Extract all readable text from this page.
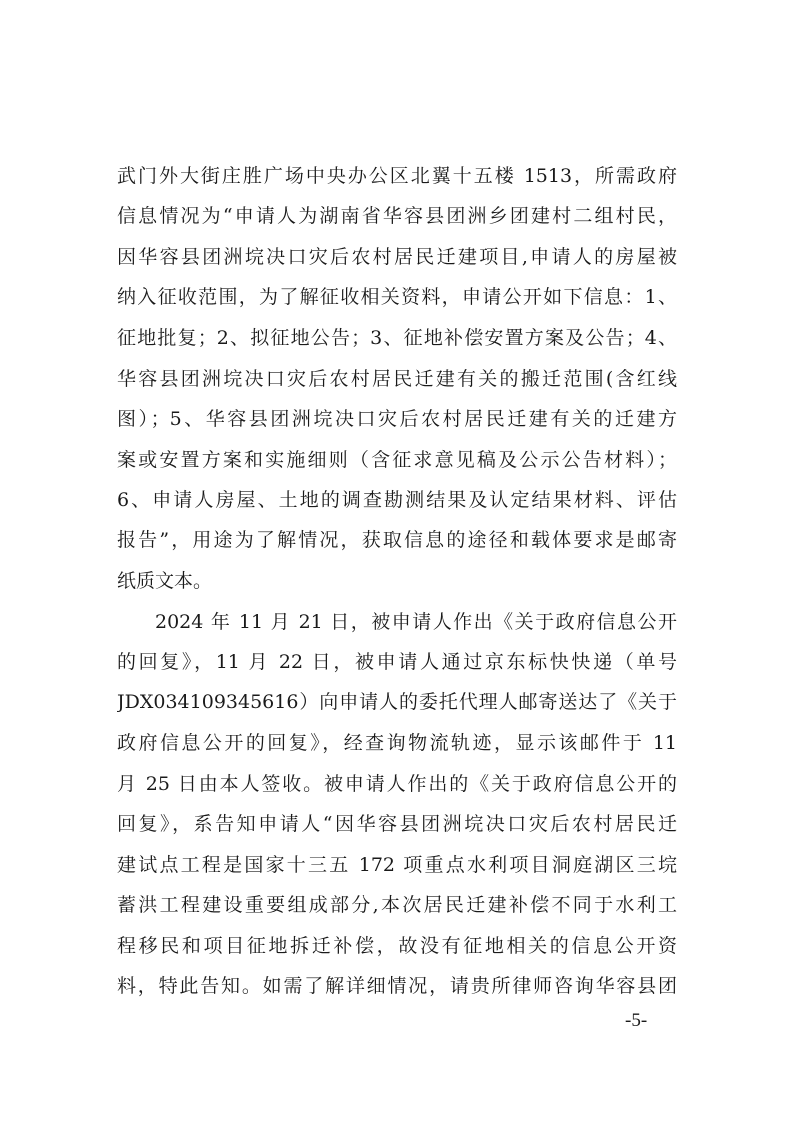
武门外大街庄胜广场中央办公区北翼十五楼 1513，所需政府
信息情况为“申请人为湖南省华容县团洲乡团建村二组村民，
因华容县团洲垸决口灾后农村居民迁建项目,申请人的房屋被
纳入征收范围，为了解征收相关资料，申请公开如下信息：1、
征地批复；2、拟征地公告；3、征地补偿安置方案及公告；4、
华容县团洲垸决口灾后农村居民迁建有关的搬迁范围(含红线
图）；5、华容县团洲垸决口灾后农村居民迁建有关的迁建方
案或安置方案和实施细则（含征求意见稿及公示公告材料）；
6、申请人房屋、土地的调查勘测结果及认定结果材料、评估
报告”，用途为了解情况，获取信息的途径和载体要求是邮寄
纸质文本。
2024 年 11 月 21 日，被申请人作出《关于政府信息公开
的回复》，11 月 22 日，被申请人通过京东标快快递（单号
JDX034109345616）向申请人的委托代理人邮寄送达了《关于
政府信息公开的回复》，经查询物流轨迹，显示该邮件于 11
月 25 日由本人签收。被申请人作出的《关于政府信息公开的
回复》，系告知申请人“因华容县团洲垸决口灾后农村居民迁
建试点工程是国家十三五 172 项重点水利项目洞庭湖区三垸
蓄洪工程建设重要组成部分,本次居民迁建补偿不同于水利工
程移民和项目征地拆迁补偿，故没有征地相关的信息公开资
料，特此告知。如需了解详细情况，请贵所律师咨询华容县团
-5-
